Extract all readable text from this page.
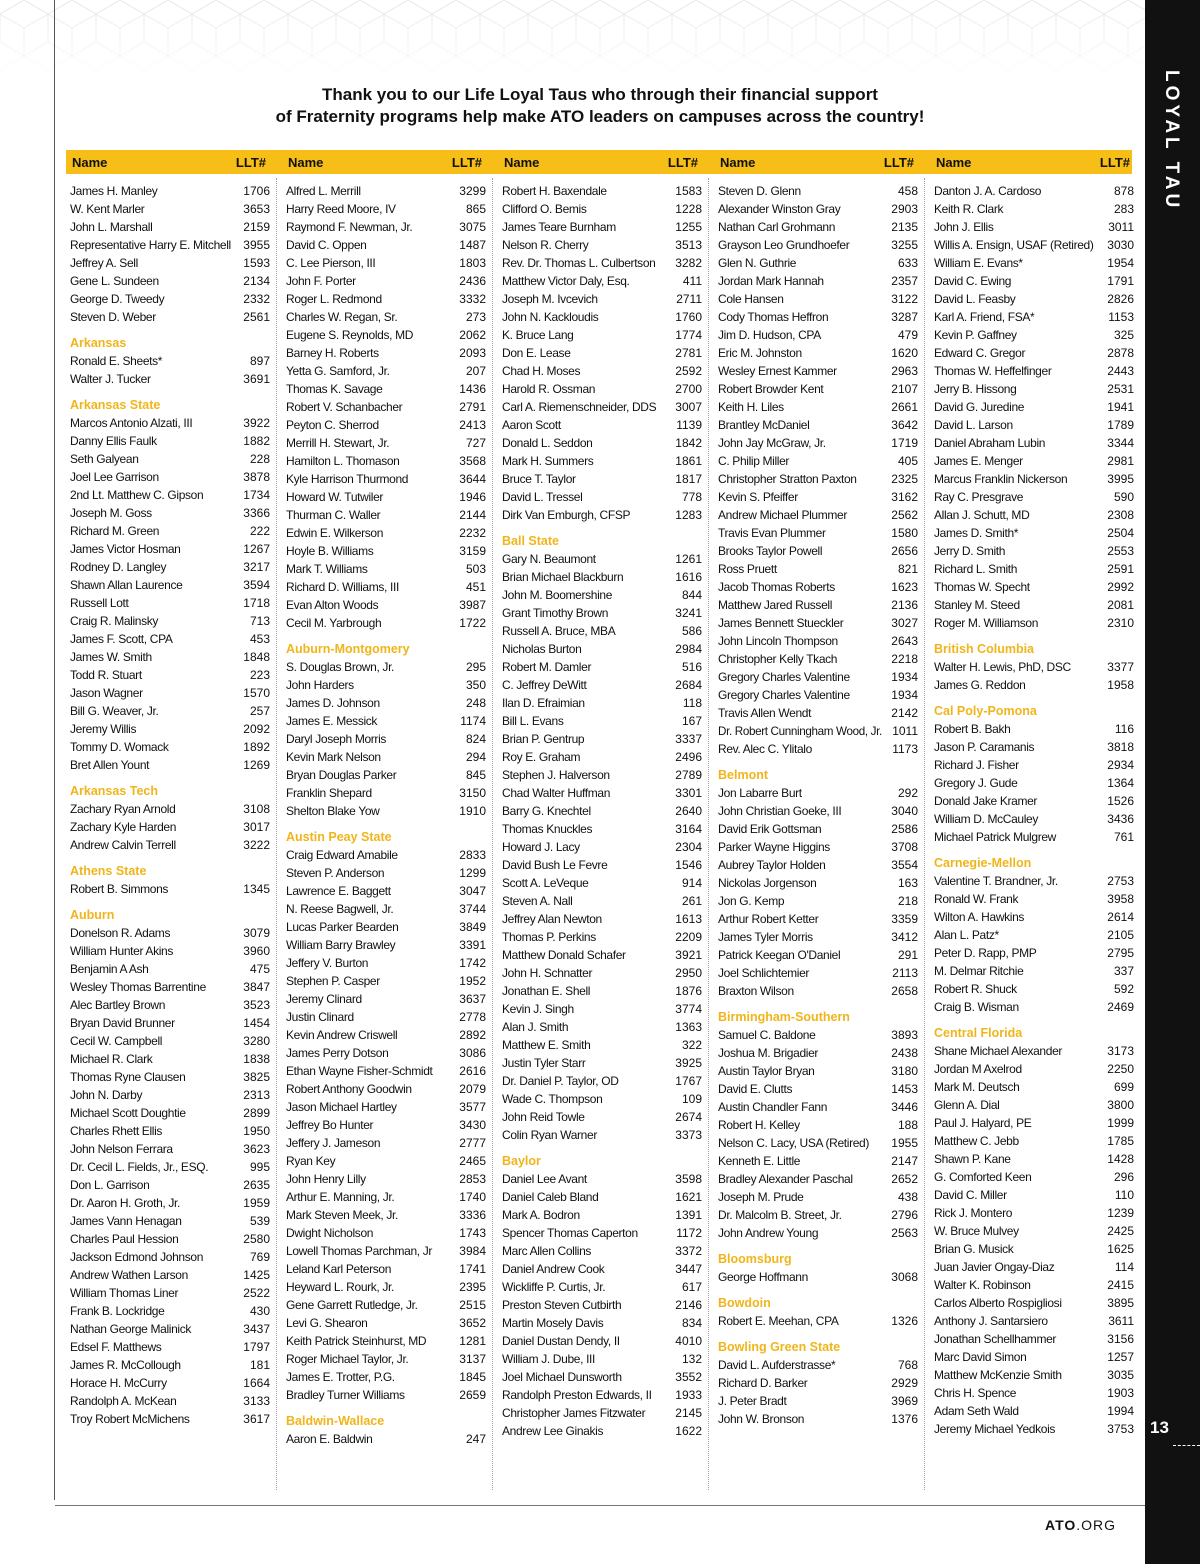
LOYAL TAU
13
Thank you to our Life Loyal Taus who through their financial support
of Fraternity programs help make ATO leaders on campuses across the country!
Name	LLT#
James H. Manley	1706
W. Kent Marler	3653
John L. Marshall	2159
Representative Harry E. Mitchell 3955
Jeffrey A. Sell	1593
Gene L. Sundeen	2134
George D. Tweedy	2332
Steven D. Weber	2561
Arkansas
Ronald E. Sheets*	897
Walter J. Tucker	3691
Arkansas State
Marcos Antonio Alzati, III	3922
Danny Ellis Faulk	1882
Seth Galyean	228
Joel Lee Garrison	3878
2nd Lt. Matthew C. Gipson	1734
Joseph M. Goss	3366
Richard M. Green	222
James Victor Hosman	1267
Rodney D. Langley	3217
Shawn Allan Laurence	3594
Russell Lott	1718
Craig R. Malinsky	713
James F. Scott, CPA	453
James W. Smith	1848
Todd R. Stuart	223
Jason Wagner	1570
Bill G. Weaver, Jr.	257
Jeremy Willis	2092
Tommy D. Womack	1892
Bret Allen Yount	1269
Arkansas Tech
Zachary Ryan Arnold	3108
Zachary Kyle Harden	3017
Andrew Calvin Terrell	3222
Athens State
Robert B. Simmons	1345
Auburn
Donelson R. Adams	3079
William Hunter Akins	3960
Benjamin A Ash	475
Wesley Thomas Barrentine	3847
Alec Bartley Brown	3523
Bryan David Brunner	1454
Cecil W. Campbell	3280
Michael R. Clark	1838
Thomas Ryne Clausen	3825
John N. Darby	2313
Michael Scott Doughtie	2899
Charles Rhett Ellis	1950
John Nelson Ferrara	3623
Dr. Cecil L. Fields, Jr., ESQ.	995
Don L. Garrison	2635
Dr. Aaron H. Groth, Jr.	1959
James Vann Henagan	539
Charles Paul Hession	2580
Jackson Edmond Johnson	769
Andrew Wathen Larson	1425
William Thomas Liner	2522
Frank B. Lockridge	430
Nathan George Malinick	3437
Edsel F. Matthews	1797
James R. McCollough	181
Horace H. McCurry	1664
Randolph A. McKean	3133
Troy Robert McMichens	3617
Name	LLT#
Alfred L. Merrill	3299
Harry Reed Moore, IV	865
Raymond F. Newman, Jr.	3075
David C. Oppen	1487
C. Lee Pierson, III	1803
John F. Porter	2436
Roger L. Redmond	3332
Charles W. Regan, Sr.	273
Eugene S. Reynolds, MD	2062
Barney H. Roberts	2093
Yetta G. Samford, Jr.	207
Thomas K. Savage	1436
Robert V. Schanbacher	2791
Peyton C. Sherrod	2413
Merrill H. Stewart, Jr.	727
Hamilton L. Thomason	3568
Kyle Harrison Thurmond	3644
Howard W. Tutwiler	1946
Thurman C. Waller	2144
Edwin E. Wilkerson	2232
Hoyle B. Williams	3159
Mark T. Williams	503
Richard D. Williams, III	451
Evan Alton Woods	3987
Cecil M. Yarbrough	1722
Auburn-Montgomery
S. Douglas Brown, Jr.	295
John Harders	350
James D. Johnson	248
James E. Messick	1174
Daryl Joseph Morris	824
Kevin Mark Nelson	294
Bryan Douglas Parker	845
Franklin Shepard	3150
Shelton Blake Yow	1910
Austin Peay State
Craig Edward Amabile	2833
Steven P. Anderson	1299
Lawrence E. Baggett	3047
N. Reese Bagwell, Jr.	3744
Lucas Parker Bearden	3849
William Barry Brawley	3391
Jeffery V. Burton	1742
Stephen P. Casper	1952
Jeremy Clinard	3637
Justin Clinard	2778
Kevin Andrew Criswell	2892
James Perry Dotson	3086
Ethan Wayne Fisher-Schmidt 2616
Robert Anthony Goodwin	2079
Jason Michael Hartley	3577
Jeffrey Bo Hunter	3430
Jeffery J. Jameson	2777
Ryan Key	2465
John Henry Lilly	2853
Arthur E. Manning, Jr.	1740
Mark Steven Meek, Jr.	3336
Dwight Nicholson	1743
Lowell Thomas Parchman, Jr 3984
Leland Karl Peterson	1741
Heyward L. Rourk, Jr.	2395
Gene Garrett Rutledge, Jr.	2515
Levi G. Shearon	3652
Keith Patrick Steinhurst, MD	1281
Roger Michael Taylor, Jr.	3137
James E. Trotter, P.G.	1845
Bradley Turner Williams	2659
Baldwin-Wallace
Aaron E. Baldwin	247
Name	LLT#
Robert H. Baxendale	1583
Clifford O. Bemis	1228
James Teare Burnham	1255
Nelson R. Cherry	3513
Rev. Dr. Thomas L. Culbertson 3282
Matthew Victor Daly, Esq.	411
Joseph M. Ivcevich	2711
John N. Kackloudis	1760
K. Bruce Lang	1774
Don E. Lease	2781
Chad H. Moses	2592
Harold R. Ossman	2700
Carl A. Riemenschneider, DDS 3007
Aaron Scott	1139
Donald L. Seddon	1842
Mark H. Summers	1861
Bruce T. Taylor	1817
David L. Tressel	778
Dirk Van Emburgh, CFSP	1283
Ball State
Gary N. Beaumont	1261
Brian Michael Blackburn	1616
John M. Boomershine	844
Grant Timothy Brown	3241
Russell A. Bruce, MBA	586
Nicholas Burton	2984
Robert M. Damler	516
C. Jeffrey DeWitt	2684
Ilan D. Efraimian	118
Bill L. Evans	167
Brian P. Gentrup	3337
Roy E. Graham	2496
Stephen J. Halverson	2789
Chad Walter Huffman	3301
Barry G. Knechtel	2640
Thomas Knuckles	3164
Howard J. Lacy	2304
David Bush Le Fevre	1546
Scott A. LeVeque	914
Steven A. Nall	261
Jeffrey Alan Newton	1613
Thomas P. Perkins	2209
Matthew Donald Schafer	3921
John H. Schnatter	2950
Jonathan E. Shell	1876
Kevin J. Singh	3774
Alan J. Smith	1363
Matthew E. Smith	322
Justin Tyler Starr	3925
Dr. Daniel P. Taylor, OD	1767
Wade C. Thompson	109
John Reid Towle	2674
Colin Ryan Warner	3373
Baylor
Daniel Lee Avant	3598
Daniel Caleb Bland	1621
Mark A. Bodron	1391
Spencer Thomas Caperton	1172
Marc Allen Collins	3372
Daniel Andrew Cook	3447
Wickliffe P. Curtis, Jr.	617
Preston Steven Cutbirth	2146
Martin Mosely Davis	834
Daniel Dustan Dendy, II	4010
William J. Dube, III	132
Joel Michael Dunsworth	3552
Randolph Preston Edwards, II 1933
Christopher James Fitzwater	2145
Andrew Lee Ginakis	1622
Name	LLT#
Steven D. Glenn	458
Alexander Winston Gray	2903
Nathan Carl Grohmann	2135
Grayson Leo Grundhoefer	3255
Glen N. Guthrie	633
Jordan Mark Hannah	2357
Cole Hansen	3122
Cody Thomas Heffron	3287
Jim D. Hudson, CPA	479
Eric M. Johnston	1620
Wesley Ernest Kammer	2963
Robert Browder Kent	2107
Keith H. Liles	2661
Brantley McDaniel	3642
John Jay McGraw, Jr.	1719
C. Philip Miller	405
Christopher Stratton Paxton	2325
Kevin S. Pfeiffer	3162
Andrew Michael Plummer	2562
Travis Evan Plummer	1580
Brooks Taylor Powell	2656
Ross Pruett	821
Jacob Thomas Roberts	1623
Matthew Jared Russell	2136
James Bennett Stueckler	3027
John Lincoln Thompson	2643
Christopher Kelly Tkach	2218
Gregory Charles Valentine	1934
Gregory Charles Valentine	1934
Travis Allen Wendt	2142
Dr. Robert Cunningham Wood, Jr. 1011
Rev. Alec C. Ylitalo	1173
Belmont
Jon Labarre Burt	292
John Christian Goeke, III	3040
David Erik Gottsman	2586
Parker Wayne Higgins	3708
Aubrey Taylor Holden	3554
Nickolas Jorgenson	163
Jon G. Kemp	218
Arthur Robert Ketter	3359
James Tyler Morris	3412
Patrick Keegan O'Daniel	291
Joel Schlichtemier	2113
Braxton Wilson	2658
Birmingham-Southern
Samuel C. Baldone	3893
Joshua M. Brigadier	2438
Austin Taylor Bryan	3180
David E. Clutts	1453
Austin Chandler Fann	3446
Robert H. Kelley	188
Nelson C. Lacy, USA (Retired) 1955
Kenneth E. Little	2147
Bradley Alexander Paschal	2652
Joseph M. Prude	438
Dr. Malcolm B. Street, Jr.	2796
John Andrew Young	2563
Bloomsburg
George Hoffmann	3068
Bowdoin
Robert E. Meehan, CPA	1326
Bowling Green State
David L. Aufderstrasse*	768
Richard D. Barker	2929
J. Peter Bradt	3969
John W. Bronson	1376
Name	LLT#
Danton J. A. Cardoso	878
Keith R. Clark	283
John J. Ellis	3011
Willis A. Ensign, USAF (Retired) 3030
William E. Evans*	1954
David C. Ewing	1791
David L. Feasby	2826
Karl A. Friend, FSA*	1153
Kevin P. Gaffney	325
Edward C. Gregor	2878
Thomas W. Heffelfinger	2443
Jerry B. Hissong	2531
David G. Juredine	1941
David L. Larson	1789
Daniel Abraham Lubin	3344
James E. Menger	2981
Marcus Franklin Nickerson	3995
Ray C. Presgrave	590
Allan J. Schutt, MD	2308
James D. Smith*	2504
Jerry D. Smith	2553
Richard L. Smith	2591
Thomas W. Specht	2992
Stanley M. Steed	2081
Roger M. Williamson	2310
British Columbia
Walter H. Lewis, PhD, DSC	3377
James G. Reddon	1958
Cal Poly-Pomona
Robert B. Bakh	116
Jason P. Caramanis	3818
Richard J. Fisher	2934
Gregory J. Gude	1364
Donald Jake Kramer	1526
William D. McCauley	3436
Michael Patrick Mulgrew	761
Carnegie-Mellon
Valentine T. Brandner, Jr.	2753
Ronald W. Frank	3958
Wilton A. Hawkins	2614
Alan L. Patz*	2105
Peter D. Rapp, PMP	2795
M. Delmar Ritchie	337
Robert R. Shuck	592
Craig B. Wisman	2469
Central Florida
Shane Michael Alexander	3173
Jordan M Axelrod	2250
Mark M. Deutsch	699
Glenn A. Dial	3800
Paul J. Halyard, PE	1999
Matthew C. Jebb	1785
Shawn P. Kane	1428
G. Comforted Keen	296
David C. Miller	110
Rick J. Montero	1239
W. Bruce Mulvey	2425
Brian G. Musick	1625
Juan Javier Ongay-Diaz	114
Walter K. Robinson	2415
Carlos Alberto Rospigliosi	3895
Anthony J. Santarsiero	3611
Jonathan Schellhammer	3156
Marc David Simon	1257
Matthew McKenzie Smith	3035
Chris H. Spence	1903
Adam Seth Wald	1994
Jeremy Michael Yedkois	3753
ATO.ORG
